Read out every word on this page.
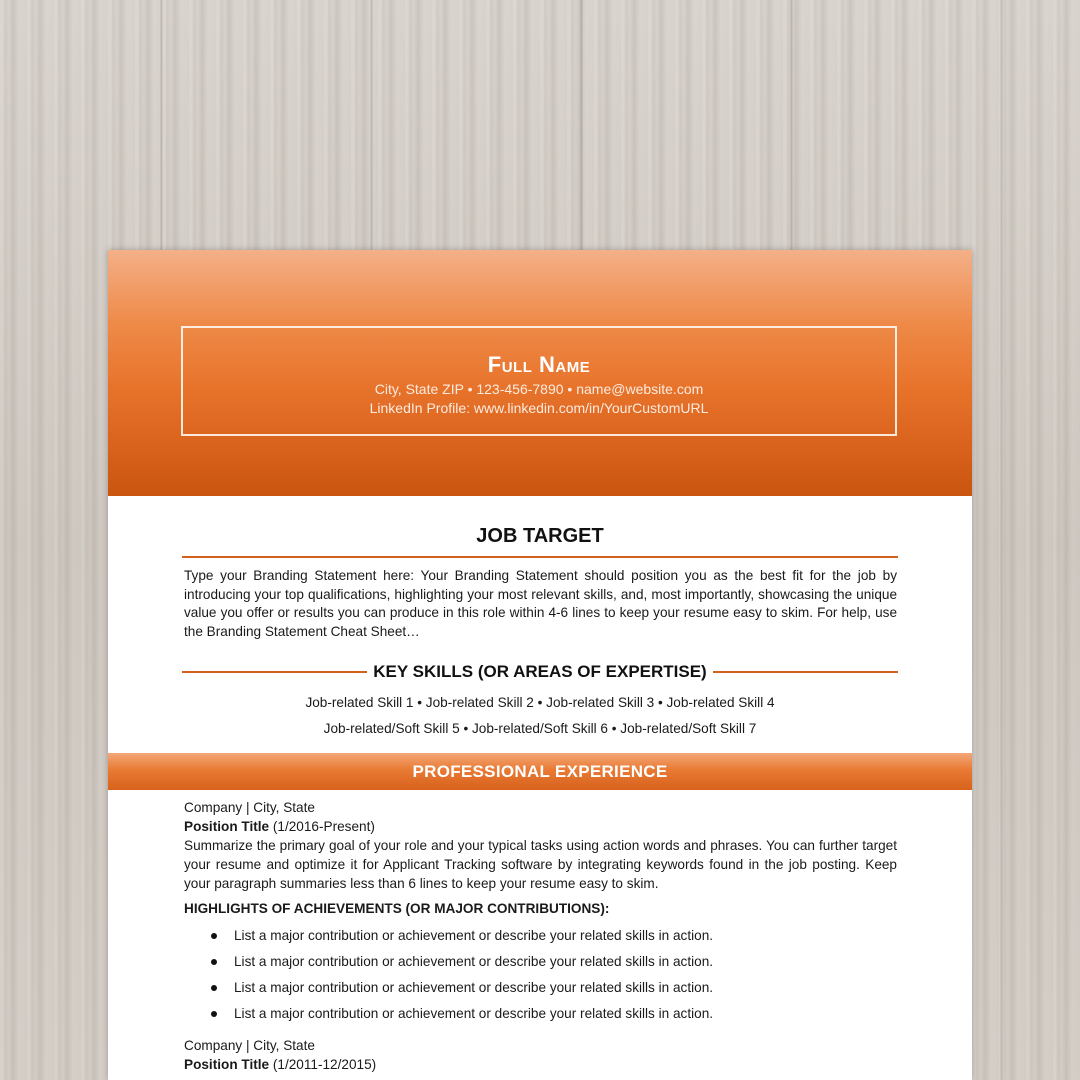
Full Name
City, State ZIP • 123-456-7890 • name@website.com
LinkedIn Profile: www.linkedin.com/in/YourCustomURL
JOB TARGET
Type your Branding Statement here: Your Branding Statement should position you as the best fit for the job by introducing your top qualifications, highlighting your most relevant skills, and, most importantly, showcasing the unique value you offer or results you can produce in this role within 4-6 lines to keep your resume easy to skim. For help, use the Branding Statement Cheat Sheet…
KEY SKILLS (OR AREAS OF EXPERTISE)
Job-related Skill 1 • Job-related Skill 2 • Job-related Skill 3 • Job-related Skill 4
Job-related/Soft Skill 5 • Job-related/Soft Skill 6 • Job-related/Soft Skill 7
PROFESSIONAL EXPERIENCE
Company | City, State
Position Title (1/2016-Present)
Summarize the primary goal of your role and your typical tasks using action words and phrases. You can further target your resume and optimize it for Applicant Tracking software by integrating keywords found in the job posting. Keep your paragraph summaries less than 6 lines to keep your resume easy to skim.
HIGHLIGHTS OF ACHIEVEMENTS (OR MAJOR CONTRIBUTIONS):
List a major contribution or achievement or describe your related skills in action.
List a major contribution or achievement or describe your related skills in action.
List a major contribution or achievement or describe your related skills in action.
List a major contribution or achievement or describe your related skills in action.
Company | City, State
Position Title (1/2011-12/2015)
